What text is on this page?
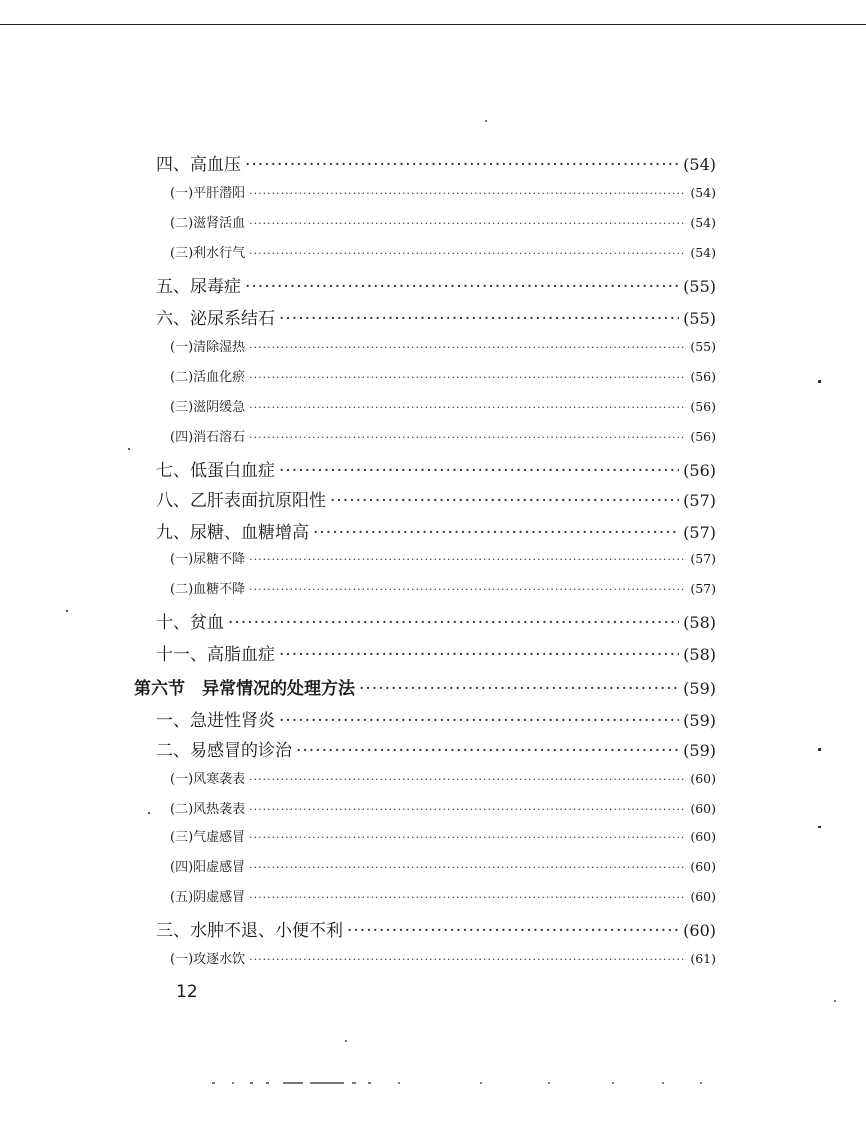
四、高血压 ·····	(54)
(一)平肝潜阳 ·····	(54)
(二)滋肾活血 ·····	(54)
(三)利水行气 ·····	(54)
五、尿毒症 ·····	(55)
六、泌尿系结石 ·····	(55)
(一)清除湿热 ·····	(55)
(二)活血化瘀 ·····	(56)
(三)滋阴缓急 ·····	(56)
(四)消石溶石 ·····	(56)
七、低蛋白血症 ·····	(56)
八、乙肝表面抗原阳性 ·····	(57)
九、尿糖、血糖增高 ·····	(57)
(一)尿糖不降 ·····	(57)
(二)血糖不降 ·····	(57)
十、贫血 ·····	(58)
十一、高脂血症 ·····	(58)
第六节　异常情况的处理方法 ·····	(59)
一、急进性肾炎 ·····	(59)
二、易感冒的诊治 ·····	(59)
(一)风寒袭表 ·····	(60)
(二)风热袭表 ·····	(60)
(三)气虚感冒 ·····	(60)
(四)阳虚感冒 ·····	(60)
(五)阴虚感冒 ·····	(60)
三、水肿不退、小便不利 ·····	(60)
(一)攻逐水饮 ·····	(61)
12
